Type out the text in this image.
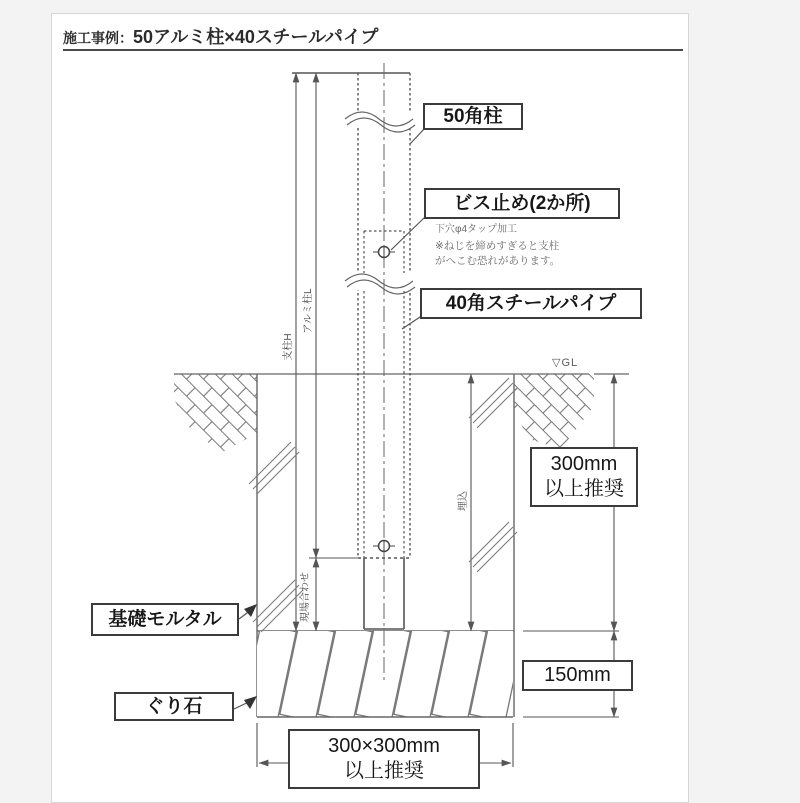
施工事例：50アルミ柱×40スチールパイプ
50角柱
ビス止め(2か所)
40角スチールパイプ
基礎モルタル
ぐり石
300mm
以上推奨
150mm
300×300mm
以上推奨
下穴φ4タップ加工
※ねじを締めすぎると支柱
がへこむ恐れがあります。
▽GL
支柱H
アルミ柱L
現場合わせ
埋込
